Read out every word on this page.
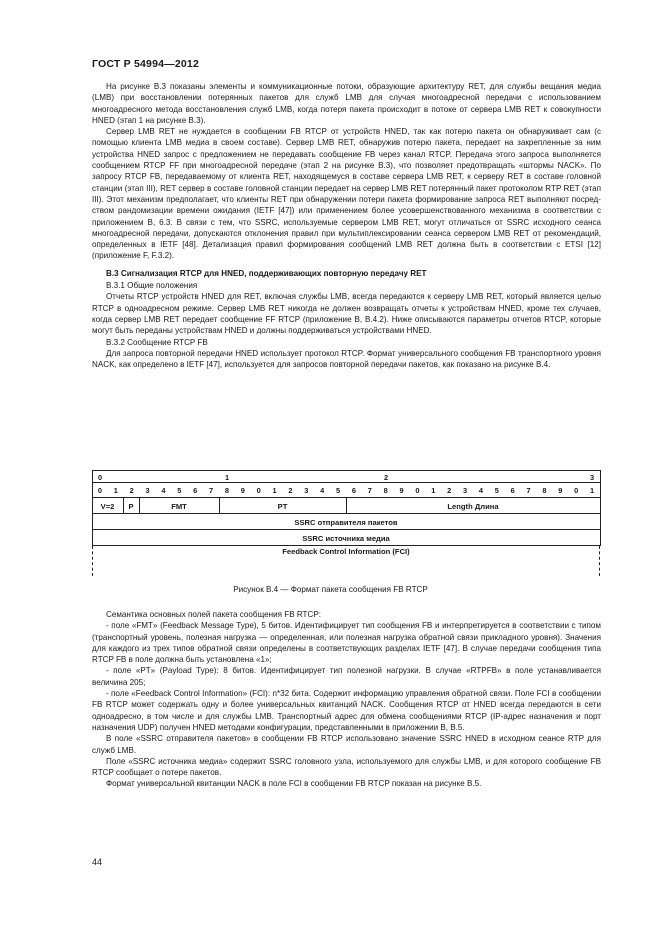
ГОСТ Р 54994—2012

На рисунке В.3 показаны элементы и коммуникационные потоки, образующие архитектуру RET, для службы вещания медиа (LMB) при восстановлении потерянных пакетов для служб LMB для случая многоадресной передачи с использованием многоадресного метода восстановления служб LMB, когда потеря пакета происходит в потоке от сервера LMB RET к совокупности HNED (этап 1 на рисунке В.3).

Сервер LMB RET не нуждается в сообщении FB RTCP от устройств HNED, так как потерю пакета он обнаруживает сам (с помощью клиента LMB медиа в своем составе). Сервер LMB RET, обнаружив потерю пакета, передает на закрепленные за ним устройства HNED запрос с предложением не передавать сообщение FB через канал RTCP. Передача этого запроса выполняется сообщением RTCP FF при многоадресной передаче (этап 2 на рисунке В.3), что позволяет предотвращать «штормы NACK». По запросу RTCP FB, передаваемому от клиента RET, находящемуся в составе сервера LMB RET, к серверу RET в составе головной станции (этап III), RET сервер в составе головной станции передает на сервер LMB RET потерянный пакет протоколом RTP RET (этап III). Этот механизм предполагает, что клиенты RET при обнаружении потери пакета формирование запроса RET выполняют посредством рандомизации времени ожидания (IETF [47]) или применением более усовершенствованного механизма в соответствии с приложением В, 6.3. В связи с тем, что SSRC, используемые сервером LMB RET, могут отличаться от SSRC исходного сеанса многоадресной передачи, допускаются отклонения правил при мультиплексировании сеанса сервером LMB RET от рекомендаций, определенных в IETF [48]. Детализация правил формирования сообщений LMB RET должна быть в соответствии с ETSI [12] (приложение F, F.3.2).

В.3 Сигнализация RTCP для HNED, поддерживающих повторную передачу RET

В.3.1 Общие положения

Отчеты RTCP устройств HNED для RET, включая службы LMB, всегда передаются к серверу LMB RET, который является целью RTCP в одноадресном режиме. Сервер LMB RET никогда не должен возвращать отчеты к устройствам HNED, кроме тех случаев, когда сервер LMB RET передает сообщение FF RTCP (приложение В, В.4.2). Ниже описываются параметры отчетов RTCP, которые могут быть переданы устройствам HNED и должны поддерживаться устройствами HNED.

В.3.2 Сообщение RTCP FB

Для запроса повторной передачи HNED использует протокол RTCP. Формат универсального сообщения FB транспортного уровня NACK, как определено в IETF [47], используется для запросов повторной передачи пакетов, как показано на рисунке В.4.

0	1	2	3
0	1	2	3	4	5	6	7	8	9	0	1	2	3	4	5	6	7	8	9	0	1	2	3	4	5	6	7	8	9	0	1
V=2	P	FMT	PT	Length Длина
SSRC отправителя пакетов
SSRC источника медиа
Feedback Control Information (FCI)
Рисунок В.4 — Формат пакета сообщения FB RTCP

Семантика основных полей пакета сообщения FB RTCP:

- поле «FMT» (Feedback Message Type), 5 битов. Идентифицирует тип сообщения FB и интерпретируется в соответствии с типом (транспортный уровень, полезная нагрузка — определенная, или полезная нагрузка обратной связи прикладного уровня). Значения для каждого из трех типов обратной связи определены в соответствующих разделах IETF [47]. В случае передачи сообщения типа RTCP FB в поле должна быть установлена «1»;

- поле «PT» (Payload Type): 8 битов. Идентифицирует тип полезной нагрузки. В случае «RTPFB» в поле устанавливается величина 205;

- поле «Feedback Control Information» (FCI): n*32 бита. Содержит информацию управления обратной связи. Поле FCI в сообщении FB RTCP может содержать одну и более универсальных квитанций NACK. Сообщения RTCP от HNED всегда передаются в сети одноадресно, в том числе и для службы LMB. Транспортный адрес для обмена сообщениями RTCP (IP-адрес назначения и порт назначения UDP) получен HNED методами конфигурации, представленными в приложении В, В.5.

В поле «SSRC отправителя пакетов» в сообщении FB RTCP использовано значение SSRC HNED в исходном сеансе RTP для служб LMB.

Поле «SSRC источника медиа» содержит SSRC головного узла, используемого для службы LMB, и для которого сообщение FB RTCP сообщает о потере пакетов.

Формат универсальной квитанции NACK в поле FCI в сообщении FB RTCP показан на рисунке В.5.

44
